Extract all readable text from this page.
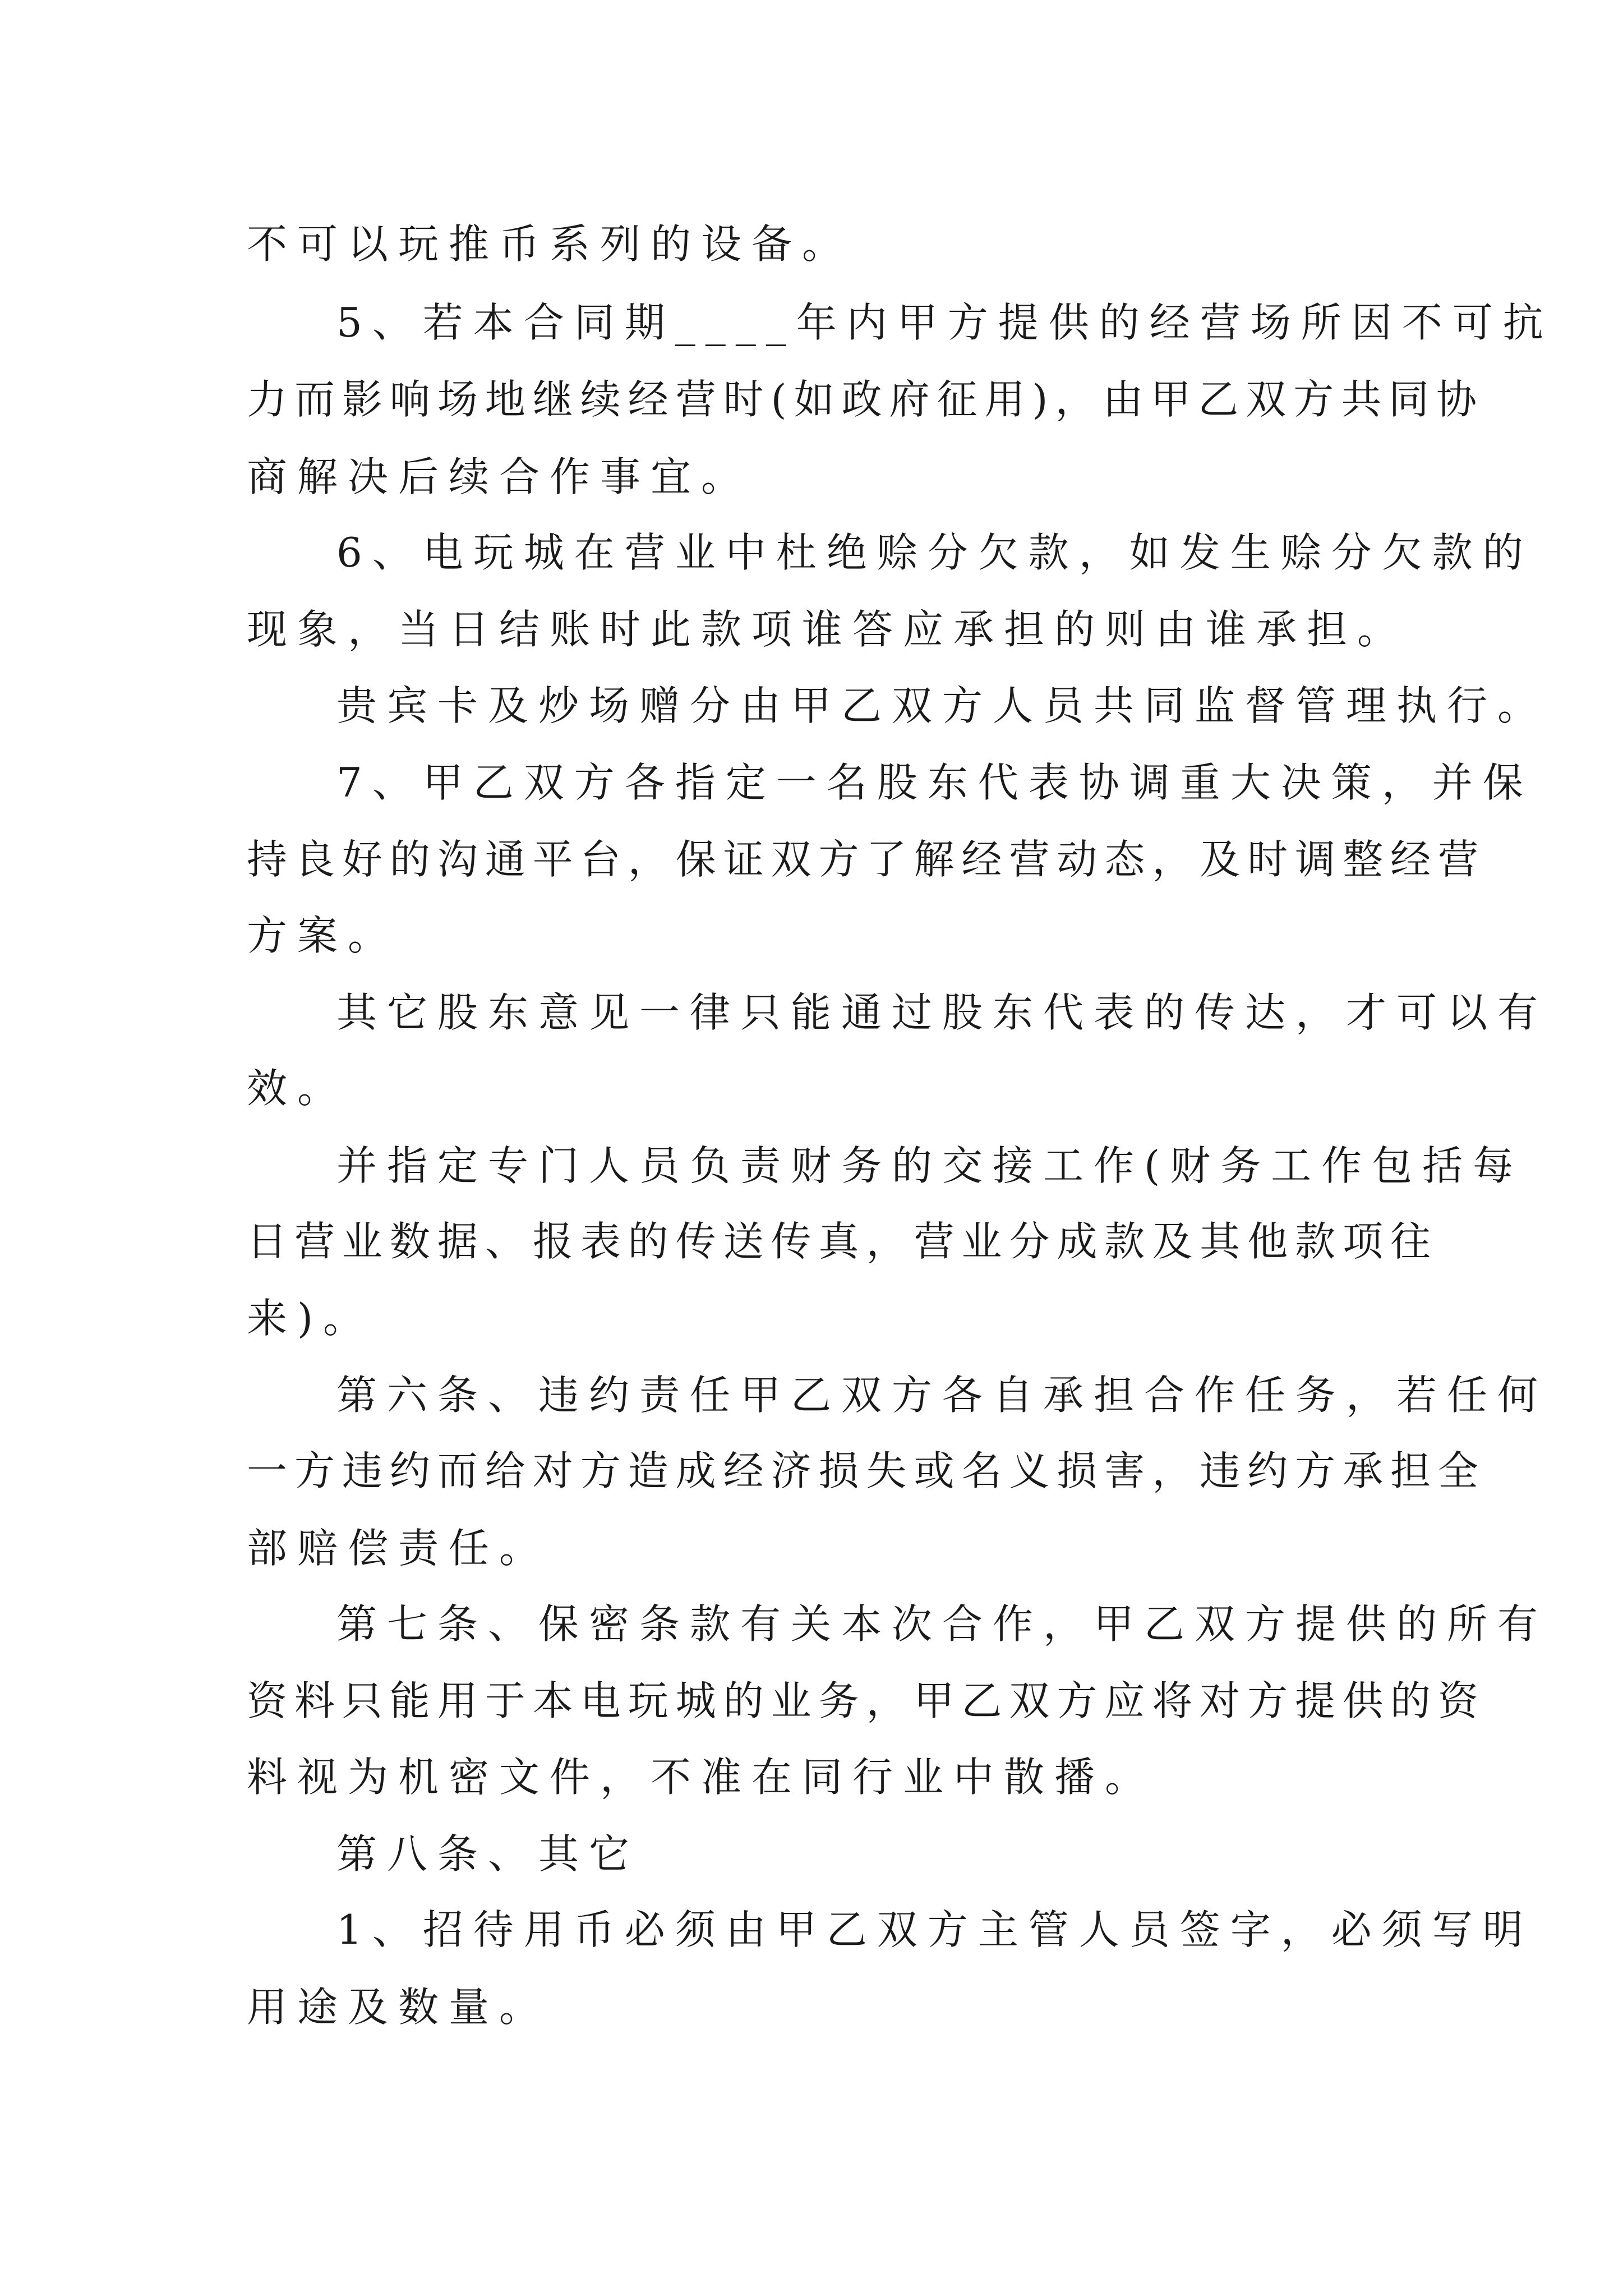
不可以玩推币系列的设备。
5、若本合同期____年内甲方提供的经营场所因不可抗
力而影响场地继续经营时(如政府征用)，由甲乙双方共同协
商解决后续合作事宜。
6、电玩城在营业中杜绝赊分欠款，如发生赊分欠款的
现象，当日结账时此款项谁答应承担的则由谁承担。
贵宾卡及炒场赠分由甲乙双方人员共同监督管理执行。
7、甲乙双方各指定一名股东代表协调重大决策，并保
持良好的沟通平台，保证双方了解经营动态，及时调整经营
方案。
其它股东意见一律只能通过股东代表的传达，才可以有
效。
并指定专门人员负责财务的交接工作(财务工作包括每
日营业数据、报表的传送传真，营业分成款及其他款项往
来)。
第六条、违约责任甲乙双方各自承担合作任务，若任何
一方违约而给对方造成经济损失或名义损害，违约方承担全
部赔偿责任。
第七条、保密条款有关本次合作，甲乙双方提供的所有
资料只能用于本电玩城的业务，甲乙双方应将对方提供的资
料视为机密文件，不准在同行业中散播。
第八条、其它
1、招待用币必须由甲乙双方主管人员签字，必须写明
用途及数量。
